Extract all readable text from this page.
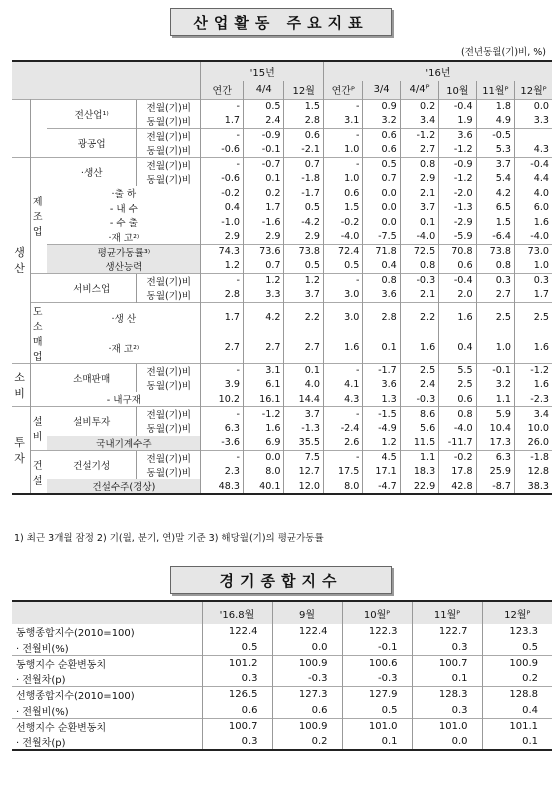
산업활동 주요지표
(전년동월(기)비, %)
				'15년			'16년					
				연간	4/4	12월	연간ᴾ	3/4	4/4ᴾ	10월	11월ᴾ	12월ᴾ
		전산업¹⁾	전월(기)비	-	0.5	1.5	-	0.9	0.2	-0.4	1.8	0.0
			동월(기)비	1.7	2.4	2.8	3.1	3.2	3.4	1.9	4.9	3.3
		광공업	전월(기)비	-	-0.9	0.6	-	0.6	-1.2	3.6	-0.5	
			동월(기)비	-0.6	-0.1	-2.1	1.0	0.6	2.7	-1.2	5.3	4.3
생산	제조업	·생산	전월(기)비	-	-0.7	0.7	-	0.5	0.8	-0.9	3.7	-0.4
			동월(기)비	-0.6	0.1	-1.8	1.0	0.7	2.9	-1.2	5.4	4.4
		·출 하		-0.2	0.2	-1.7	0.6	0.0	2.1	-2.0	4.2	4.0
		- 내 수		0.4	1.7	0.5	1.5	0.0	3.7	-1.3	6.5	6.0
		- 수 출		-1.0	-1.6	-4.2	-0.2	0.0	0.1	-2.9	1.5	1.6
		·재 고²⁾		2.9	2.9	2.9	-4.0	-7.5	-4.0	-5.9	-6.4	-4.0
		평균가동률³⁾		74.3	73.6	73.8	72.4	71.8	72.5	70.8	73.8	73.0
		생산능력		1.2	0.7	0.5	0.5	0.4	0.8	0.6	0.8	1.0
		서비스업	전월(기)비	-	1.2	1.2	-	0.8	-0.3	-0.4	0.3	0.3
			동월(기)비	2.8	3.3	3.7	3.0	3.6	2.1	2.0	2.7	1.7
	도소매업	·생 산		1.7	4.2	2.2	3.0	2.8	2.2	1.6	2.5	2.5
		·재 고²⁾		2.7	2.7	2.7	1.6	0.1	1.6	0.4	1.0	1.6
소비		소매판매	전월(기)비	-	3.1	0.1	-	-1.7	2.5	5.5	-0.1	-1.2
			동월(기)비	3.9	6.1	4.0	4.1	3.6	2.4	2.5	3.2	1.6
		- 내구재		10.2	16.1	14.4	4.3	1.3	-0.3	0.6	1.1	-2.3
투자	설비	설비투자	전월(기)비	-	-1.2	3.7	-	-1.5	8.6	0.8	5.9	3.4
			동월(기)비	6.3	1.6	-1.3	-2.4	-4.9	5.6	-4.0	10.4	10.0
		국내기계수주		-3.6	6.9	35.5	2.6	1.2	11.5	-11.7	17.3	26.0
	건설	건설기성	전월(기)비	-	0.0	7.5	-	4.5	1.1	-0.2	6.3	-1.8
			동월(기)비	2.3	8.0	12.7	17.5	17.1	18.3	17.8	25.9	12.8
		건설수주(경상)		48.3	40.1	12.0	8.0	-4.7	22.9	42.8	-8.7	38.3
1) 최근 3개월 잠정 2) 기(월, 분기, 연)말 기준 3) 해당월(기)의 평균가동률
경기종합지수
	'16.8월	9월	10월ᴾ	11월ᴾ	12월ᴾ
동행종합지수(2010=100)	122.4	122.4	122.3	122.7	123.3
· 전월비(%)	0.5	0.0	-0.1	0.3	0.5
동행지수 순환변동치	101.2	100.9	100.6	100.7	100.9
· 전월차(p)	0.3	-0.3	-0.3	0.1	0.2
선행종합지수(2010=100)	126.5	127.3	127.9	128.3	128.8
· 전월비(%)	0.6	0.6	0.5	0.3	0.4
선행지수 순환변동치	100.7	100.9	101.0	101.0	101.1
· 전월차(p)	0.3	0.2	0.1	0.0	0.1
